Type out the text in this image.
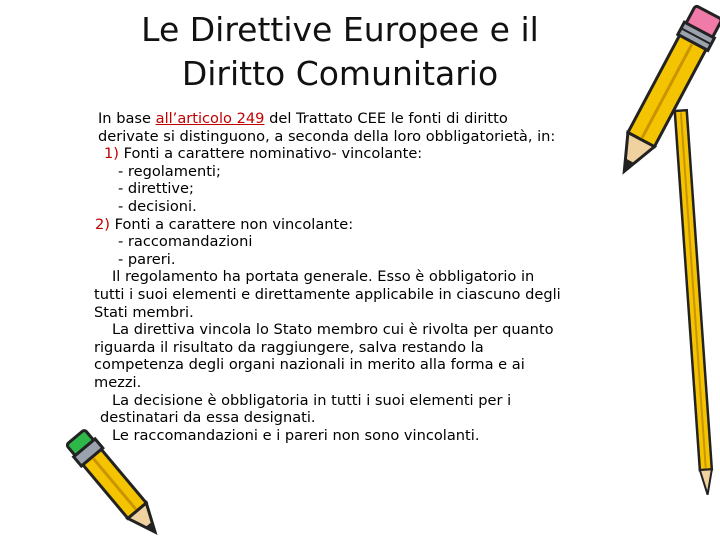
Le Direttive Europee e il
Diritto Comunitario
In base all’articolo 249 del Trattato CEE le fonti di diritto
derivate si distinguono, a seconda della loro obbligatorietà, in:
1) Fonti a carattere nominativo- vincolante:
- regolamenti;
- direttive;
- decisioni.
2) Fonti a carattere non vincolante:
- raccomandazioni
- pareri.
Il regolamento ha portata generale. Esso è obbligatorio in
tutti i suoi elementi e direttamente applicabile in ciascuno degli
Stati membri.
La direttiva vincola lo Stato membro cui è rivolta per quanto
riguarda il risultato da raggiungere, salva restando la
competenza degli organi nazionali in merito alla forma e ai
mezzi.
La decisione è obbligatoria in tutti i suoi elementi per i
destinatari da essa designati.
Le raccomandazioni e i pareri non sono vincolanti.
